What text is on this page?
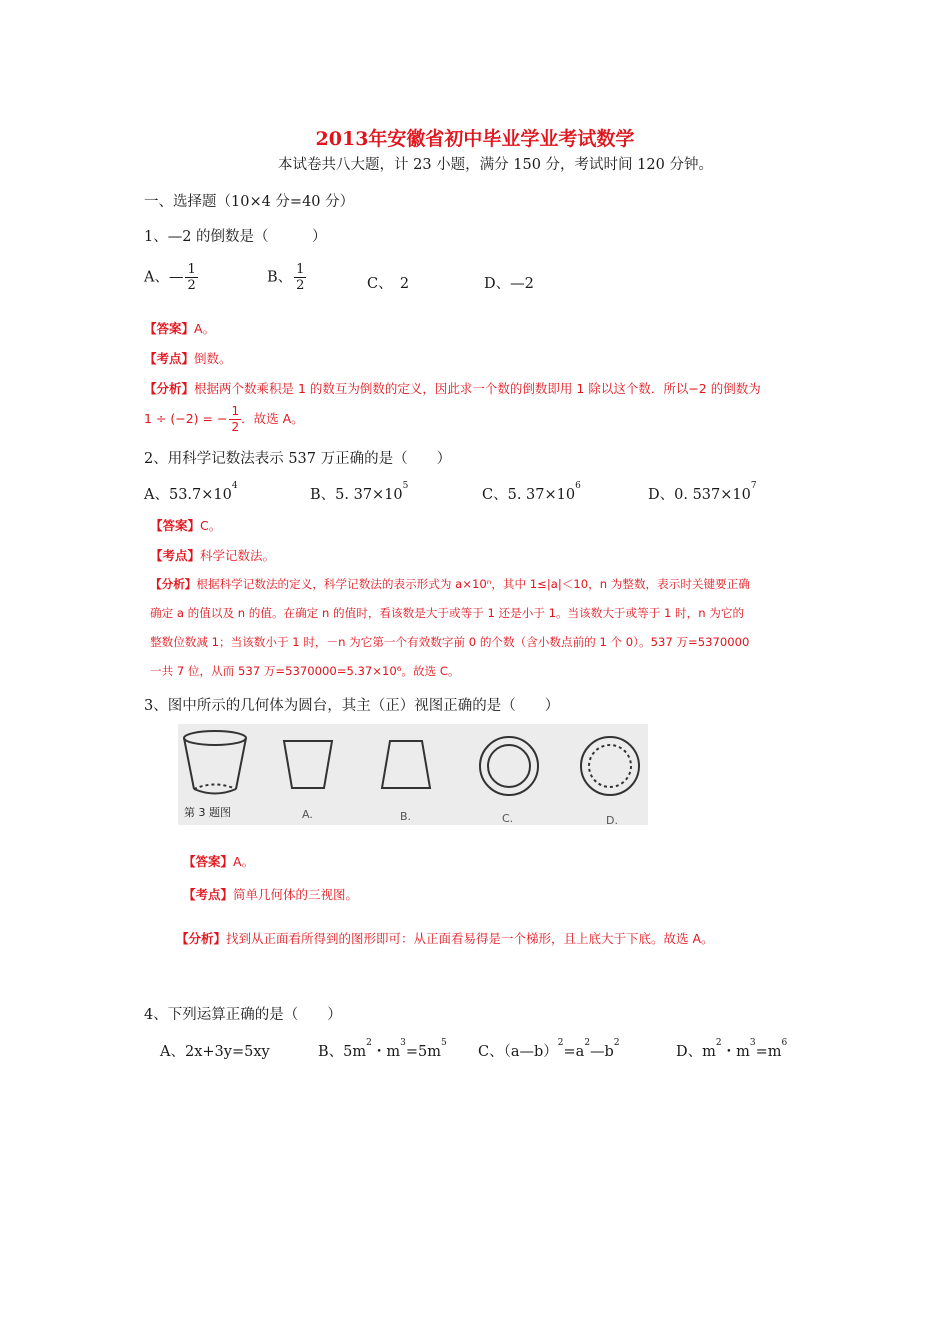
2013年安徽省初中毕业学业考试数学
本试卷共八大题，计 23 小题，满分 150 分，考试时间 120 分钟。
一、选择题（10×4 分=40 分）
1、—2 的倒数是（　　　）
A、— $\frac{1}{2}$	B、 $\frac{1}{2}$	C、　2	D、—2
【答案】A。
【考点】倒数。
【分析】根据两个数乘积是 1 的数互为倒数的定义，因此求一个数的倒数即用 1 除以这个数．所以−2 的倒数为
1 ÷ (−2) = − $\frac{1}{2}$ ．故选 A。
2、用科学记数法表示 537 万正确的是（　　）
A、$53.7\times 10^4$
B、5. $37\times 10^5$
C、5. $37\times 10^6$
D、0. $537\times 10^7$
【答案】C。
【考点】科学记数法。
【分析】根据科学记数法的定义，科学记数法的表示形式为 a×10ⁿ，其中 1≤|a|＜10，n 为整数，表示时关键要正确
确定 a 的值以及 n 的值。在确定 n 的值时，看该数是大于或等于 1 还是小于 1。当该数大于或等于 1 时，n 为它的
整数位数减 1；当该数小于 1 时，－n 为它第一个有效数字前 0 的个数（含小数点前的 1 个 0）。537 万=5370000
一共 7 位，从而 537 万=5370000=5.37×10⁶。故选 C。
3、图中所示的几何体为圆台，其主（正）视图正确的是（　　）
第 3 题图	A.	B.	C.	D.
【答案】A。
【考点】简单几何体的三视图。
【分析】找到从正面看所得到的图形即可：从正面看易得是一个梯形，且上底大于下底。故选 A。
4、下列运算正确的是（　　）
A、2x+3y=5xy	B、$5m^2$・$m^3=5m^5$
C、$(a—b)^2=a^2—b^2$
D、$m^2$・$m^3=m^6$
